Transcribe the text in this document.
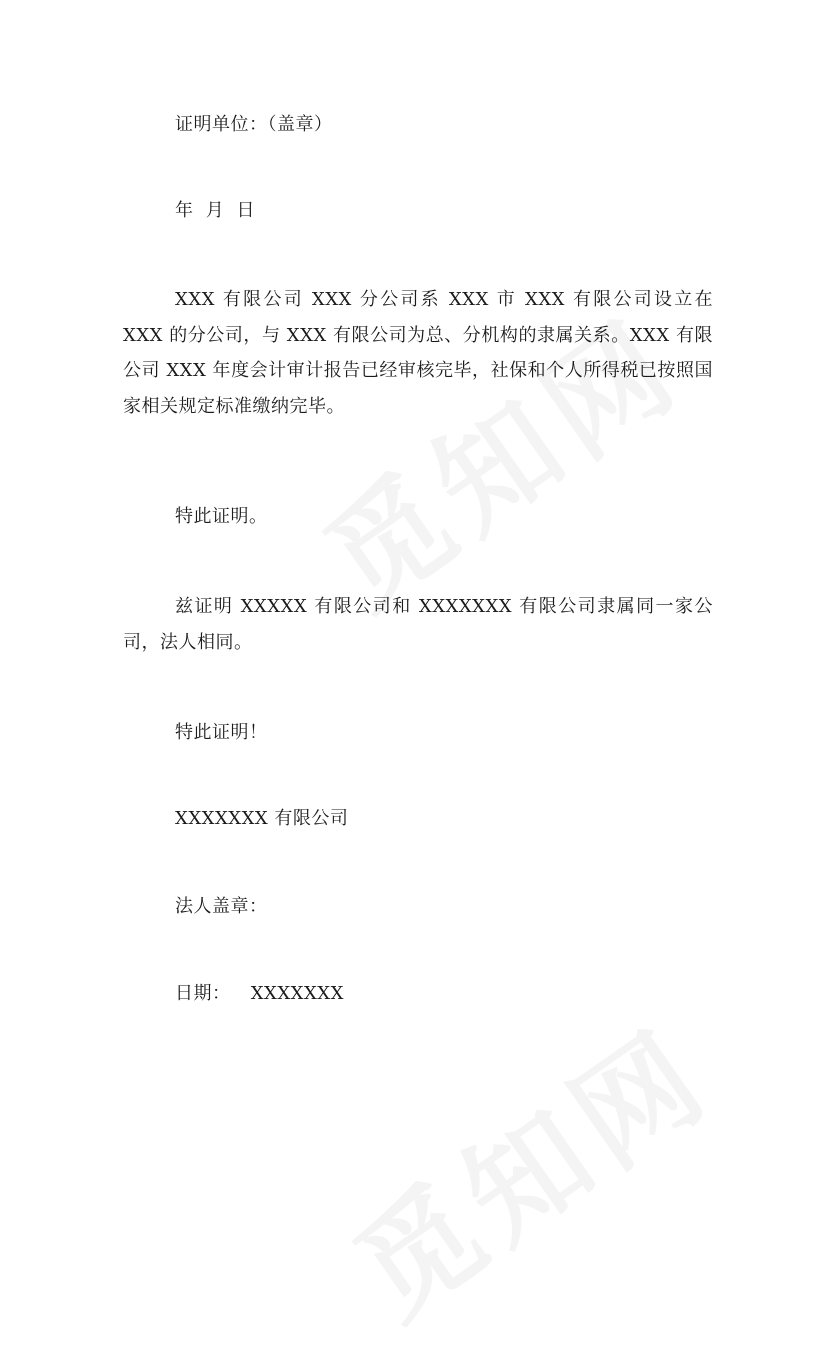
证明单位：（盖章）
年 月 日
XXX 有限公司 XXX 分公司系 XXX 市 XXX 有限公司设立在 XXX 的分公司，与 XXX 有限公司为总、分机构的隶属关系。XXX 有限公司 XXX 年度会计审计报告已经审核完毕，社保和个人所得税已按照国家相关规定标准缴纳完毕。
特此证明。
兹证明 XXXXX 有限公司和 XXXXXXX 有限公司隶属同一家公司，法人相同。
特此证明！
XXXXXXX 有限公司
法人盖章：
日期： XXXXXXX
